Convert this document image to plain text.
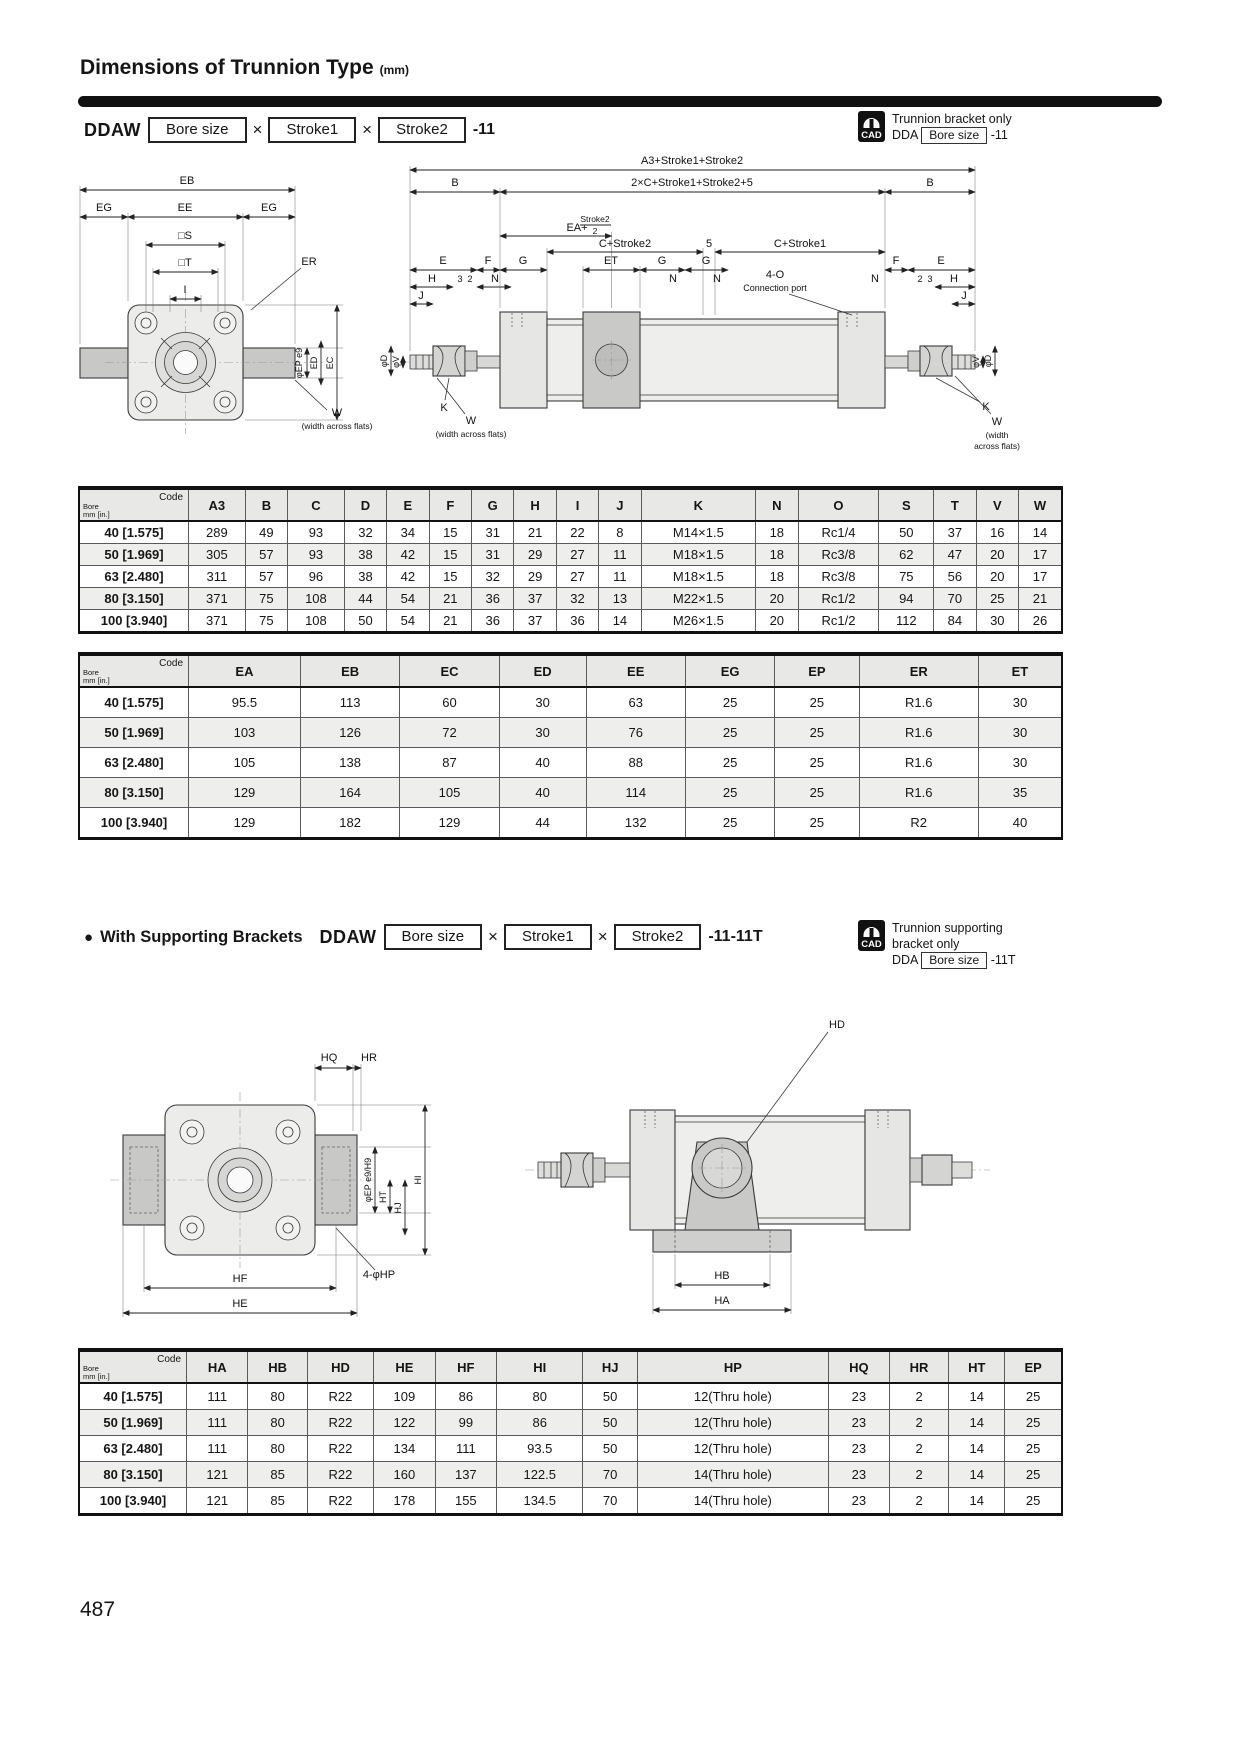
Dimensions of Trunnion Type (mm)
DDAW	Bore size	×	Stroke1	×	Stroke2	-11	CAD
Trunnion bracket only
DDA Bore size -11
EB
EG	EE	EG
□S
□T
I
ER
φEP e9 ED EC
W
(width across flats)
A3+Stroke1+Stroke2
B	2×C+Stroke1+Stroke2+5	B
EA+
Stroke2
2
C+Stroke2	5	C+Stroke1
E	F G	ET	G	G	F	E
H 3 2 N	N	N	N	2 3 H
J	J
4-O
Connection port
φD φV	φV φD
K	K
W
(width across flats)
W
(width
across flats)
Code
Bore
mm [in.]	A3	B	C	D	E	F	G	H	I	J	K	N	O	S	T	V	W
40 [1.575]	289	49	93	32	34	15	31	21	22	8	M14×1.5	18	Rc1/4	50	37	16	14
50 [1.969]	305	57	93	38	42	15	31	29	27	11	M18×1.5	18	Rc3/8	62	47	20	17
63 [2.480]	311	57	96	38	42	15	32	29	27	11	M18×1.5	18	Rc3/8	75	56	20	17
80 [3.150]	371	75	108	44	54	21	36	37	32	13	M22×1.5	20	Rc1/2	94	70	25	21
100 [3.940]	371	75	108	50	54	21	36	37	36	14	M26×1.5	20	Rc1/2	112	84	30	26
Code
Bore
mm [in.]	EA	EB	EC	ED	EE	EG	EP	ER	ET
40 [1.575]	95.5	113	60	30	63	25	25	R1.6	30
50 [1.969]	103	126	72	30	76	25	25	R1.6	30
63 [2.480]	105	138	87	40	88	25	25	R1.6	30
80 [3.150]	129	164	105	40	114	25	25	R1.6	35
100 [3.940]	129	182	129	44	132	25	25	R2	40
● With Supporting Brackets DDAW	Bore size	×	Stroke1	×	Stroke2	-11-11T	CAD
Trunnion supporting
bracket only
DDA Bore size -11T
HQ HR
φEP e9/H9 HT
HJ
HI
HF
HE
4-φHP
HD
HB
HA
Code
Bore
mm [in.]	HA	HB	HD	HE	HF	HI	HJ	HP	HQ	HR	HT	EP
40 [1.575]	111	80	R22	109	86	80	50	12(Thru hole)	23	2	14	25
50 [1.969]	111	80	R22	122	99	86	50	12(Thru hole)	23	2	14	25
63 [2.480]	111	80	R22	134	111	93.5	50	12(Thru hole)	23	2	14	25
80 [3.150]	121	85	R22	160	137	122.5	70	14(Thru hole)	23	2	14	25
100 [3.940]	121	85	R22	178	155	134.5	70	14(Thru hole)	23	2	14	25
487
